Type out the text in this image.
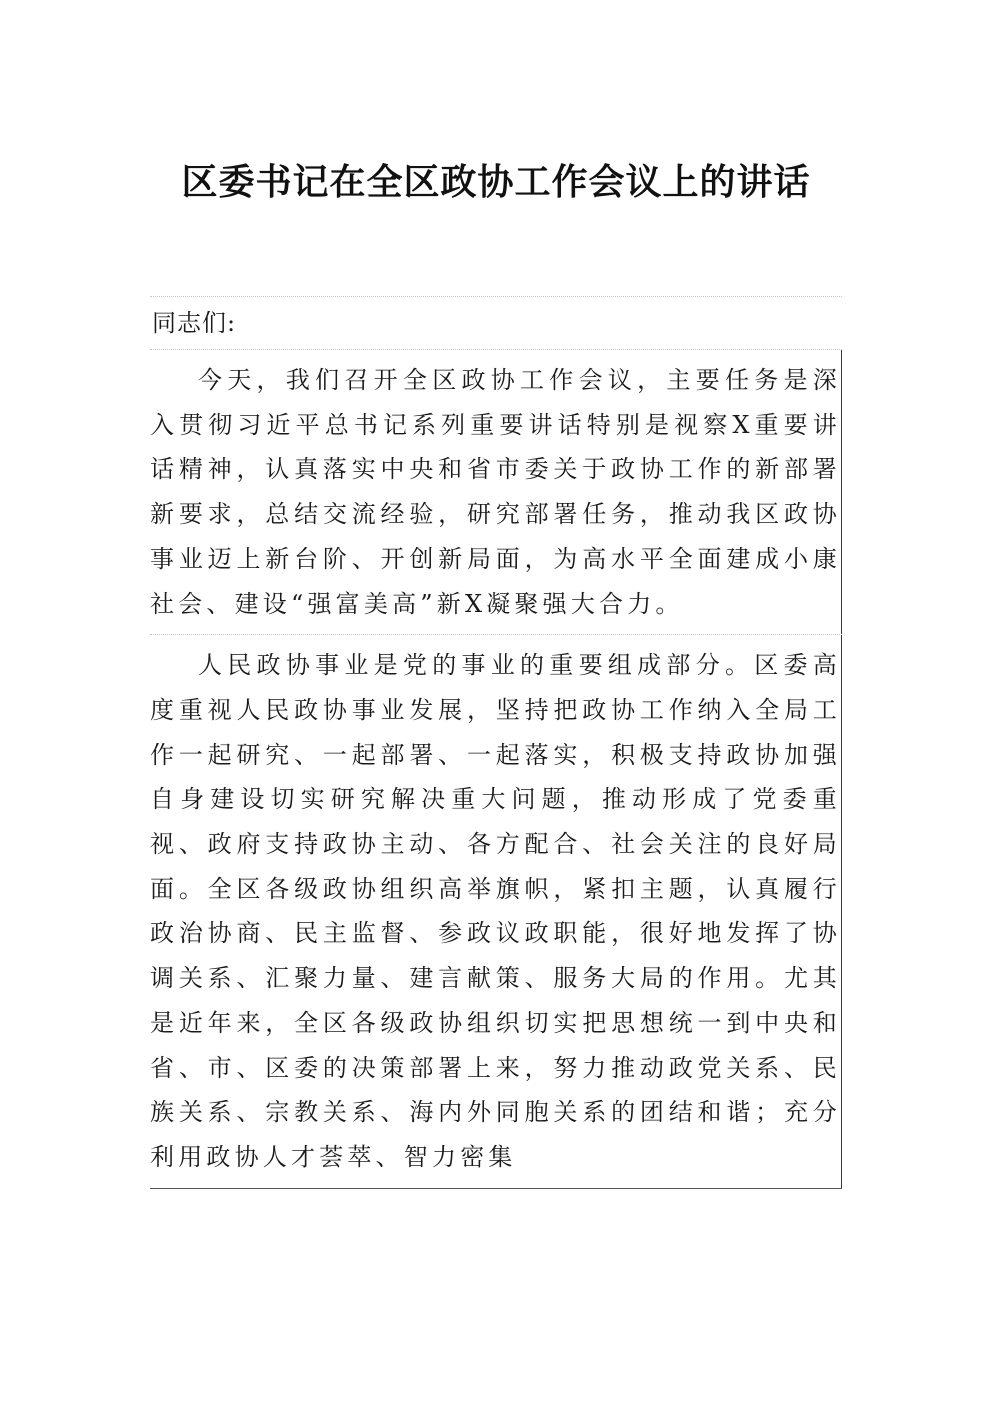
区委书记在全区政协工作会议上的讲话
同志们:

今天，我们召开全区政协工作会议，主要任务是深入贯彻习近平总书记系列重要讲话特别是视察X重要讲话精神，认真落实中央和省市委关于政协工作的新部署新要求，总结交流经验，研究部署任务，推动我区政协事业迈上新台阶、开创新局面，为高水平全面建成小康社会、建设“强富美高”新X凝聚强大合力。

人民政协事业是党的事业的重要组成部分。区委高度重视人民政协事业发展，坚持把政协工作纳入全局工作一起研究、一起部署、一起落实，积极支持政协加强自身建设切实研究解决重大问题，推动形成了党委重视、政府支持政协主动、各方配合、社会关注的良好局面。全区各级政协组织高举旗帜，紧扣主题，认真履行政治协商、民主监督、参政议政职能，很好地发挥了协调关系、汇聚力量、建言献策、服务大局的作用。尤其是近年来，全区各级政协组织切实把思想统一到中央和省、市、区委的决策部署上来，努力推动政党关系、民族关系、宗教关系、海内外同胞关系的团结和谐；充分利用政协人才荟萃、智力密集
